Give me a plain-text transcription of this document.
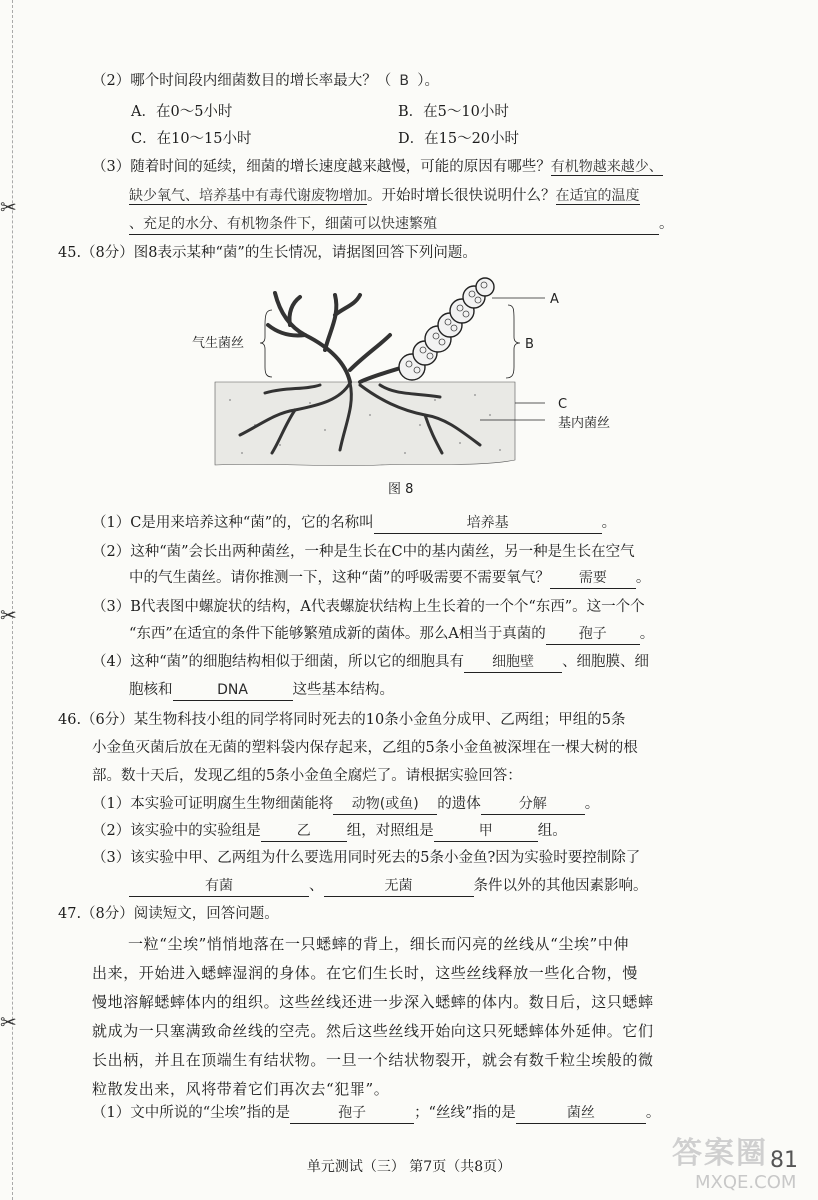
✂
✂
✂
（2）哪个时间段内细菌数目的增长率最大？（ B ）。
A．在0～5小时	B．在5～10小时
C．在10～15小时	D．在15～20小时
（3）随着时间的延续，细菌的增长速度越来越慢，可能的原因有哪些？有机物越来越少、
缺少氧气、培养基中有毒代谢废物增加。开始时增长很快说明什么？在适宜的温度
、充足的水分、有机物条件下，细菌可以快速繁殖	。
45.（8分）图8表示某种“菌”的生长情况，请据图回答下列问题。
A
B
C
基内菌丝
气生菌丝
图 8
（1）C是用来培养这种“菌”的，它的名称叫	培养基	。
（2）这种“菌”会长出两种菌丝，一种是生长在C中的基内菌丝，另一种是生长在空气
中的气生菌丝。请你推测一下，这种“菌”的呼吸需要不需要氧气？ 需要 。
（3）B代表图中螺旋状的结构，A代表螺旋状结构上生长着的一个个“东西”。这一个个
“东西”在适宜的条件下能够繁殖成新的菌体。那么A相当于真菌的 孢子 。
（4）这种“菌”的细胞结构相似于细菌，所以它的细胞具有 细胞壁 、细胞膜、细
胞核和	DNA	这些基本结构。
46.（6分）某生物科技小组的同学将同时死去的10条小金鱼分成甲、乙两组；甲组的5条
小金鱼灭菌后放在无菌的塑料袋内保存起来，乙组的5条小金鱼被深埋在一棵大树的根
部。数十天后，发现乙组的5条小金鱼全腐烂了。请根据实验回答：
（1）本实验可证明腐生生物细菌能将 动物(或鱼) 的遗体	分解	。
（2）该实验中的实验组是	乙 组，对照组是	甲	组。
（3）该实验中甲、乙两组为什么要选用同时死去的5条小金鱼?因为实验时要控制除了
有菌	、	无菌	条件以外的其他因素影响。
47.（8分）阅读短文，回答问题。
一粒“尘埃”悄悄地落在一只蟋蟀的背上，细长而闪亮的丝线从“尘埃”中伸
出来，开始进入蟋蟀湿润的身体。在它们生长时，这些丝线释放一些化合物，慢
慢地溶解蟋蟀体内的组织。这些丝线还进一步深入蟋蟀的体内。数日后，这只蟋蟀
就成为一只塞满致命丝线的空壳。然后这些丝线开始向这只死蟋蟀体外延伸。它们
长出柄，并且在顶端生有结状物。一旦一个结状物裂开，就会有数千粒尘埃般的微
粒散发出来，风将带着它们再次去“犯罪”。
（1）文中所说的“尘埃”指的是	孢子	；“丝线”指的是	菌丝	。
答案圈
MXQE.COM
单元测试（三） 第7页（共8页）	81
